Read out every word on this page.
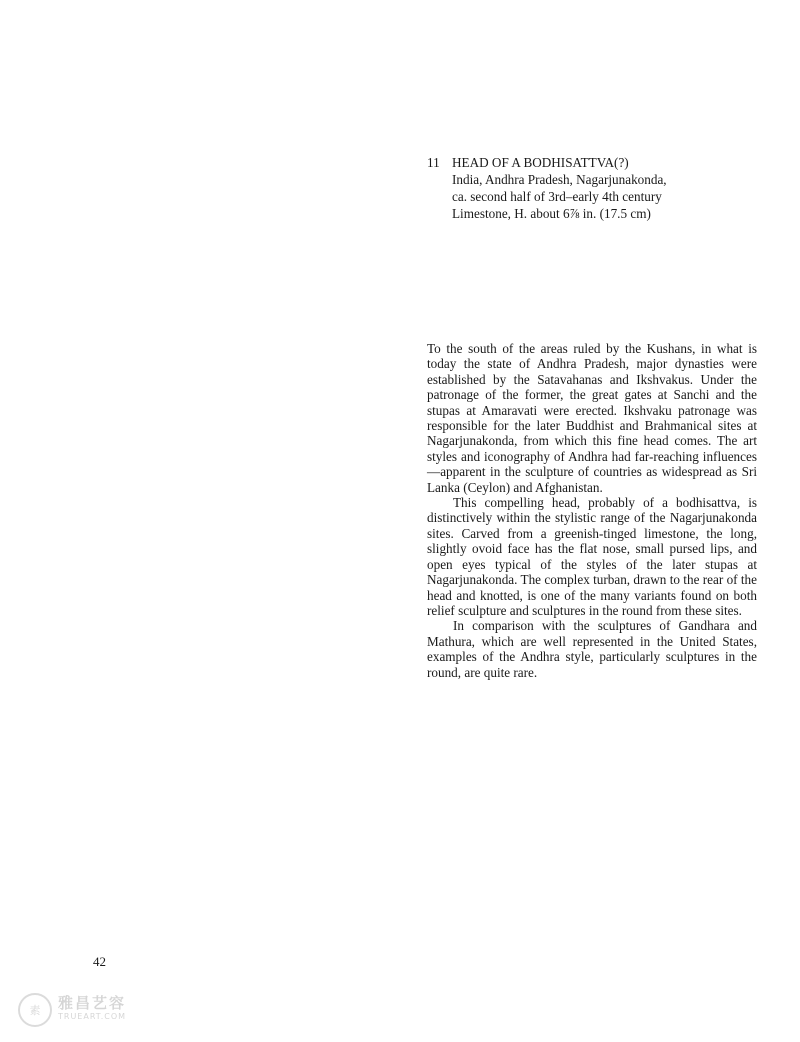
11 HEAD OF A BODHISATTVA(?)
India, Andhra Pradesh, Nagarjunakonda,
ca. second half of 3rd–early 4th century
Limestone, H. about 6⅞ in. (17.5 cm)

To the south of the areas ruled by the Kushans, in what is today the state of Andhra Pradesh, major dynasties were established by the Satavahanas and Ikshvakus. Under the patronage of the former, the great gates at Sanchi and the stupas at Amaravati were erected. Ikshvaku patronage was responsible for the later Buddhist and Brahmanical sites at Nagarjunakonda, from which this fine head comes. The art styles and iconography of Andhra had far-reaching influences—apparent in the sculpture of countries as widespread as Sri Lanka (Ceylon) and Afghanistan.

This compelling head, probably of a bodhisattva, is distinctively within the stylistic range of the Nagarjunakonda sites. Carved from a greenish-tinged limestone, the long, slightly ovoid face has the flat nose, small pursed lips, and open eyes typical of the styles of the later stupas at Nagarjunakonda. The complex turban, drawn to the rear of the head and knotted, is one of the many variants found on both relief sculpture and sculptures in the round from these sites.

In comparison with the sculptures of Gandhara and Mathura, which are well represented in the United States, examples of the Andhra style, particularly sculptures in the round, are quite rare.

42
素	雅昌艺容
TRUEART.COM
